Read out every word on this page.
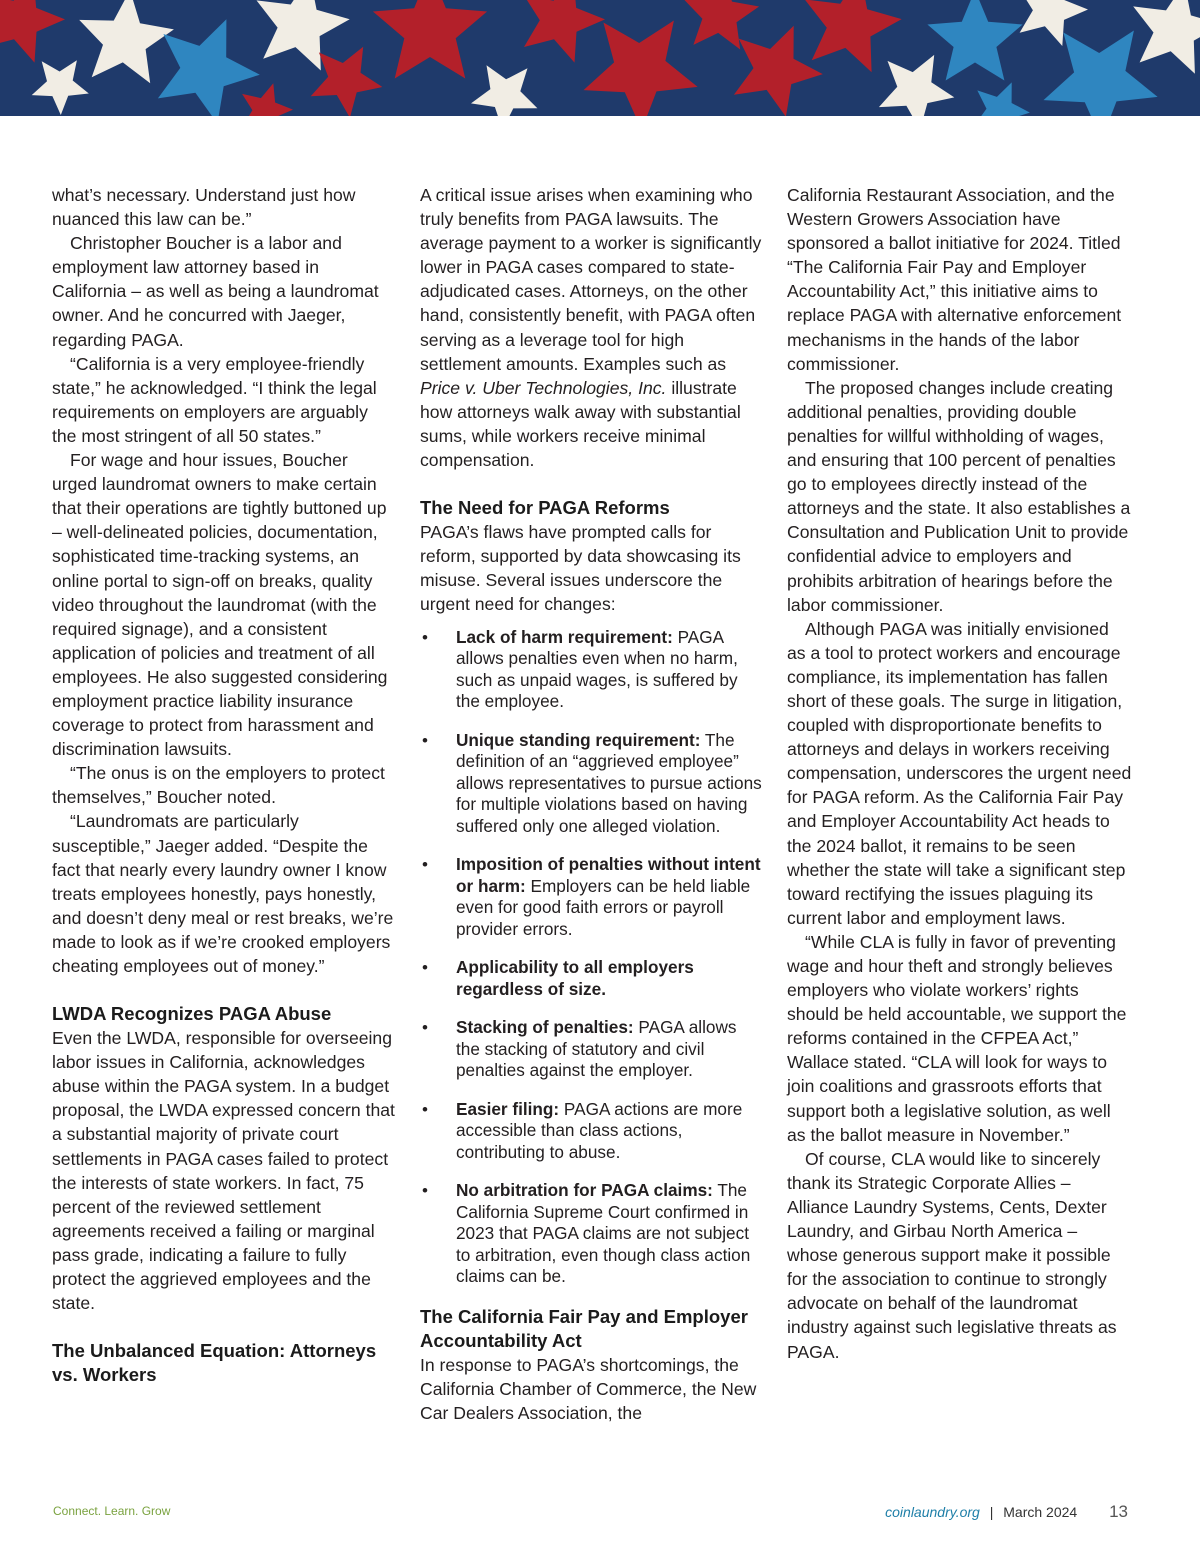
what’s necessary. Understand just how nuanced this law can be.”

Christopher Boucher is a labor and employment law attorney based in California – as well as being a laundromat owner. And he concurred with Jaeger, regarding PAGA.

“California is a very employee-friendly state,” he acknowledged. “I think the legal requirements on employers are arguably the most stringent of all 50 states.”

For wage and hour issues, Boucher urged laundromat owners to make certain that their operations are tightly buttoned up – well-delineated policies, documentation, sophisticated time-tracking systems, an online portal to sign-off on breaks, quality video throughout the laundromat (with the required signage), and a consistent application of policies and treatment of all employees. He also suggested considering employment practice liability insurance coverage to protect from harassment and discrimination lawsuits.

“The onus is on the employers to protect themselves,” Boucher noted.

“Laundromats are particularly susceptible,” Jaeger added. “Despite the fact that nearly every laundry owner I know treats employees honestly, pays honestly, and doesn’t deny meal or rest breaks, we’re made to look as if we’re crooked employers cheating employees out of money.”

LWDA Recognizes PAGA Abuse

Even the LWDA, responsible for overseeing labor issues in California, acknowledges abuse within the PAGA system. In a budget proposal, the LWDA expressed concern that a substantial majority of private court settlements in PAGA cases failed to protect the interests of state workers. In fact, 75 percent of the reviewed settlement agreements received a failing or marginal pass grade, indicating a failure to fully protect the aggrieved employees and the state.

The Unbalanced Equation: Attorneys vs. Workers

A critical issue arises when examining who truly benefits from PAGA lawsuits. The average payment to a worker is significantly lower in PAGA cases compared to state-adjudicated cases. Attorneys, on the other hand, consistently benefit, with PAGA often serving as a leverage tool for high settlement amounts. Examples such as Price v. Uber Technologies, Inc. illustrate how attorneys walk away with substantial sums, while workers receive minimal compensation.

The Need for PAGA Reforms

PAGA’s flaws have prompted calls for reform, supported by data showcasing its misuse. Several issues underscore the urgent need for changes:

• Lack of harm requirement: PAGA allows penalties even when no harm, such as unpaid wages, is suffered by the employee.
• Unique standing requirement: The definition of an “aggrieved employee” allows representatives to pursue actions for multiple violations based on having suffered only one alleged violation.
• Imposition of penalties without intent or harm: Employers can be held liable even for good faith errors or payroll provider errors.
• Applicability to all employers regardless of size.
• Stacking of penalties: PAGA allows the stacking of statutory and civil penalties against the employer.
• Easier filing: PAGA actions are more accessible than class actions, contributing to abuse.
• No arbitration for PAGA claims: The California Supreme Court confirmed in 2023 that PAGA claims are not subject to arbitration, even though class action claims can be.
The California Fair Pay and Employer Accountability Act

In response to PAGA’s shortcomings, the California Chamber of Commerce, the New Car Dealers Association, the

California Restaurant Association, and the Western Growers Association have sponsored a ballot initiative for 2024. Titled “The California Fair Pay and Employer Accountability Act,” this initiative aims to replace PAGA with alternative enforcement mechanisms in the hands of the labor commissioner.

The proposed changes include creating additional penalties, providing double penalties for willful withholding of wages, and ensuring that 100 percent of penalties go to employees directly instead of the attorneys and the state. It also establishes a Consultation and Publication Unit to provide confidential advice to employers and prohibits arbitration of hearings before the labor commissioner.

Although PAGA was initially envisioned as a tool to protect workers and encourage compliance, its implementation has fallen short of these goals. The surge in litigation, coupled with disproportionate benefits to attorneys and delays in workers receiving compensation, underscores the urgent need for PAGA reform. As the California Fair Pay and Employer Accountability Act heads to the 2024 ballot, it remains to be seen whether the state will take a significant step toward rectifying the issues plaguing its current labor and employment laws.

“While CLA is fully in favor of preventing wage and hour theft and strongly believes employers who violate workers’ rights should be held accountable, we support the reforms contained in the CFPEA Act,” Wallace stated. “CLA will look for ways to join coalitions and grassroots efforts that support both a legislative solution, as well as the ballot measure in November.”

Of course, CLA would like to sincerely thank its Strategic Corporate Allies – Alliance Laundry Systems, Cents, Dexter Laundry, and Girbau North America – whose generous support make it possible for the association to continue to strongly advocate on behalf of the laundromat industry against such legislative threats as PAGA.

Connect. Learn. Grow	coinlaundry.org | March 2024 13
